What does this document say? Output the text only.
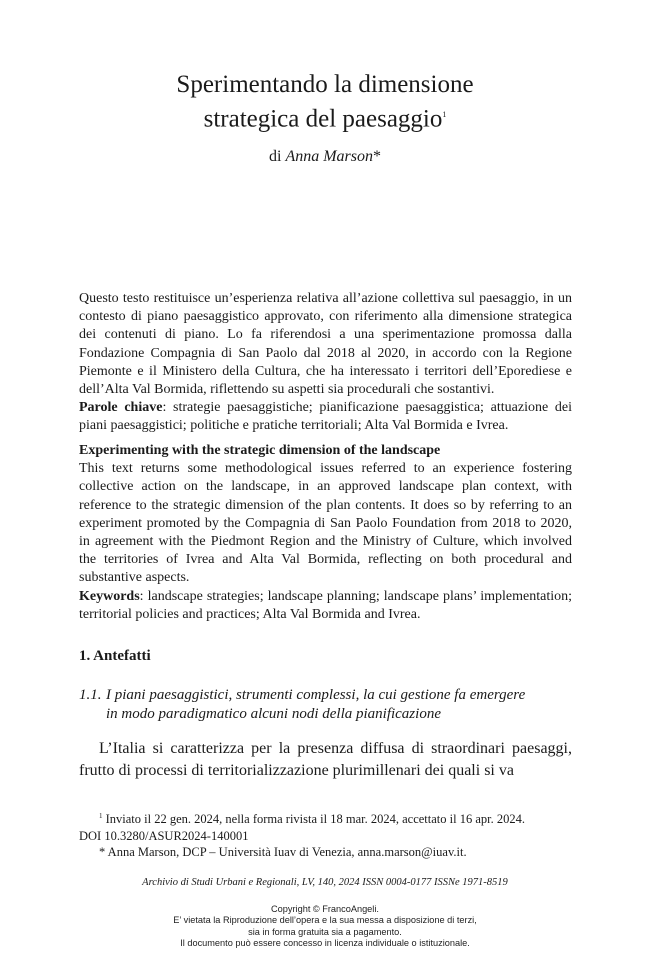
Sperimentando la dimensione
strategica del paesaggio$^1$
di Anna Marson*

Questo testo restituisce un’esperienza relativa all’azione collettiva sul paesaggio, in un contesto di piano paesaggistico approvato, con riferimento alla dimensione strategica dei contenuti di piano. Lo fa riferendosi a una sperimentazione promossa dalla Fondazione Compagnia di San Paolo dal 2018 al 2020, in accordo con la Regione Piemonte e il Ministero della Cultura, che ha interessato i territori dell’Eporediese e dell’Alta Val Bormida, riflettendo su aspetti sia procedurali che sostantivi.

Parole chiave: strategie paesaggistiche; pianificazione paesaggistica; attuazione dei piani paesaggistici; politiche e pratiche territoriali; Alta Val Bormida e Ivrea.

Experimenting with the strategic dimension of the landscape

This text returns some methodological issues referred to an experience fostering collective action on the landscape, in an approved landscape plan context, with reference to the strategic dimension of the plan contents. It does so by referring to an experiment promoted by the Compagnia di San Paolo Foundation from 2018 to 2020, in agreement with the Piedmont Region and the Ministry of Culture, which involved the territories of Ivrea and Alta Val Bormida, reflecting on both procedural and substantive aspects.

Keywords: landscape strategies; landscape planning; landscape plans’ implementation; territorial policies and practices; Alta Val Bormida and Ivrea.

1. Antefatti
1.1. I piani paesaggistici, strumenti complessi, la cui gestione fa emergere
in modo paradigmatico alcuni nodi della pianificazione
L’Italia si caratterizza per la presenza diffusa di straordinari paesaggi, frutto di processi di territorializzazione plurimillenari dei quali si va

$^1$ Inviato il 22 gen. 2024, nella forma rivista il 18 mar. 2024, accettato il 16 apr. 2024.

DOI 10.3280/ASUR2024-140001

* Anna Marson, DCP – Università Iuav di Venezia, anna.marson@iuav.it.

Archivio di Studi Urbani e Regionali, LV, 140, 2024 ISSN 0004-0177 ISSNe 1971-8519
Copyright © FrancoAngeli.
E’ vietata la Riproduzione dell’opera e la sua messa a disposizione di terzi,
sia in forma gratuita sia a pagamento.
Il documento può essere concesso in licenza individuale o istituzionale.
